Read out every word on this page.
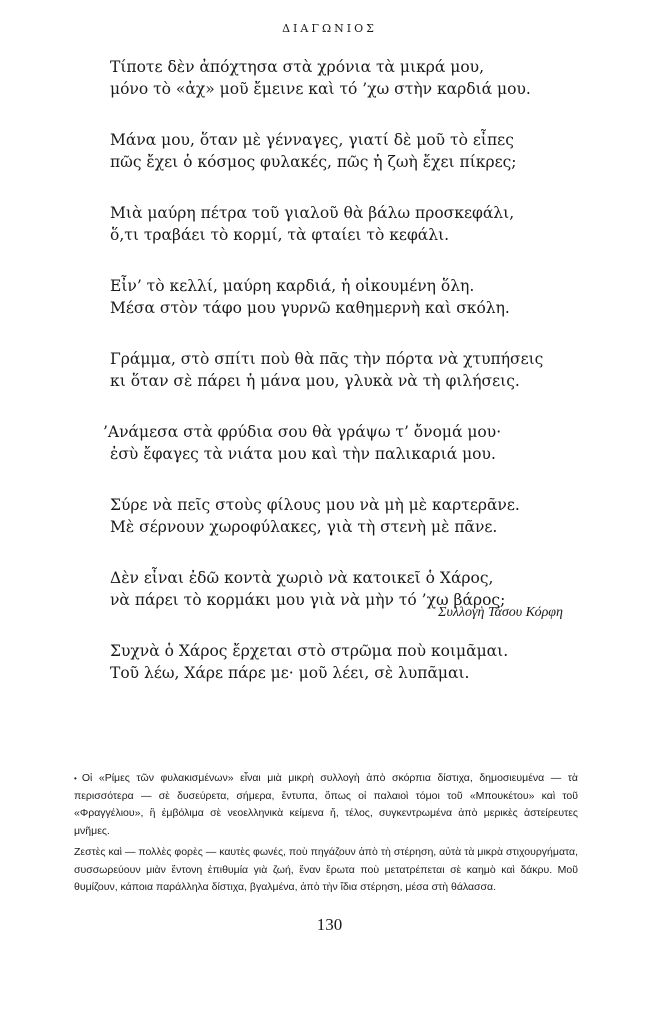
ΔΙΑΓΩΝΙΟΣ
Τίποτε δὲν ἀπόχτησα στὰ χρόνια τὰ μικρά μου,
μόνο τὸ «ἀχ» μοῦ ἔμεινε καὶ τό ’χω στὴν καρδιά μου.
Μάνα μου, ὅταν μὲ γένναγες, γιατί δὲ μοῦ τὸ εἶπες
πῶς ἔχει ὁ κόσμος φυλακές, πῶς ἡ ζωὴ ἔχει πίκρες;
Μιὰ μαύρη πέτρα τοῦ γιαλοῦ θὰ βάλω προσκεφάλι,
ὅ,τι τραβάει τὸ κορμί, τὰ φταίει τὸ κεφάλι.
Εἶν’ τὸ κελλί, μαύρη καρδιά, ἡ οἰκουμένη ὅλη.
Μέσα στὸν τάφο μου γυρνῶ καθημερνὴ καὶ σκόλη.
Γράμμα, στὸ σπίτι ποὺ θὰ πᾶς τὴν πόρτα νὰ χτυπήσεις
κι ὅταν σὲ πάρει ἡ μάνα μου, γλυκὰ νὰ τὴ φιλήσεις.
’Ανάμεσα στὰ φρύδια σου θὰ γράψω τ’ ὄνομά μου·
ἐσὺ ἔφαγες τὰ νιάτα μου καὶ τὴν παλικαριά μου.
Σύρε νὰ πεῖς στοὺς φίλους μου νὰ μὴ μὲ καρτερᾶνε.
Μὲ σέρνουν χωροφύλακες, γιὰ τὴ στενὴ μὲ πᾶνε.
Δὲν εἶναι ἐδῶ κοντὰ χωριὸ νὰ κατοικεῖ ὁ Χάρος,
νὰ πάρει τὸ κορμάκι μου γιὰ νὰ μὴν τό ’χω βάρος;
Συχνὰ ὁ Χάρος ἔρχεται στὸ στρῶμα ποὺ κοιμᾶμαι.
Τοῦ λέω, Χάρε πάρε με· μοῦ λέει, σὲ λυπᾶμαι.
Συλλογὴ Τάσου Κόρφη

• Οἱ «Ρίμες τῶν φυλακισμένων» εἶναι μιὰ μικρὴ συλλογὴ ἀπὸ σκόρπια δίστιχα, δημοσιευμένα — τὰ περισσότερα — σὲ δυσεύρετα, σήμερα, ἔντυπα, ὅπως οἱ παλαιοὶ τόμοι τοῦ «Μπουκέτου» καὶ τοῦ «Φραγγέλιου», ἢ ἐμβόλιμα σὲ νεοελληνικὰ κείμενα ἤ, τέλος, συγκεντρωμένα ἀπὸ μερικὲς ἀστείρευτες μνῆμες.

Ζεστὲς καὶ — πολλὲς φορὲς — καυτὲς φωνές, ποὺ πηγάζουν ἀπὸ τὴ στέρηση, αὐτὰ τὰ μικρὰ στιχουργήματα, συσσωρεύουν μιὰν ἔντονη ἐπιθυμία γιὰ ζωή, ἕναν ἔρωτα ποὺ μετατρέπεται σὲ καημὸ καὶ δάκρυ. Μοῦ θυμίζουν, κάποια παράλληλα δίστιχα, βγαλμένα, ἀπὸ τὴν ἴδια στέρηση, μέσα στὴ θάλασσα.

130
